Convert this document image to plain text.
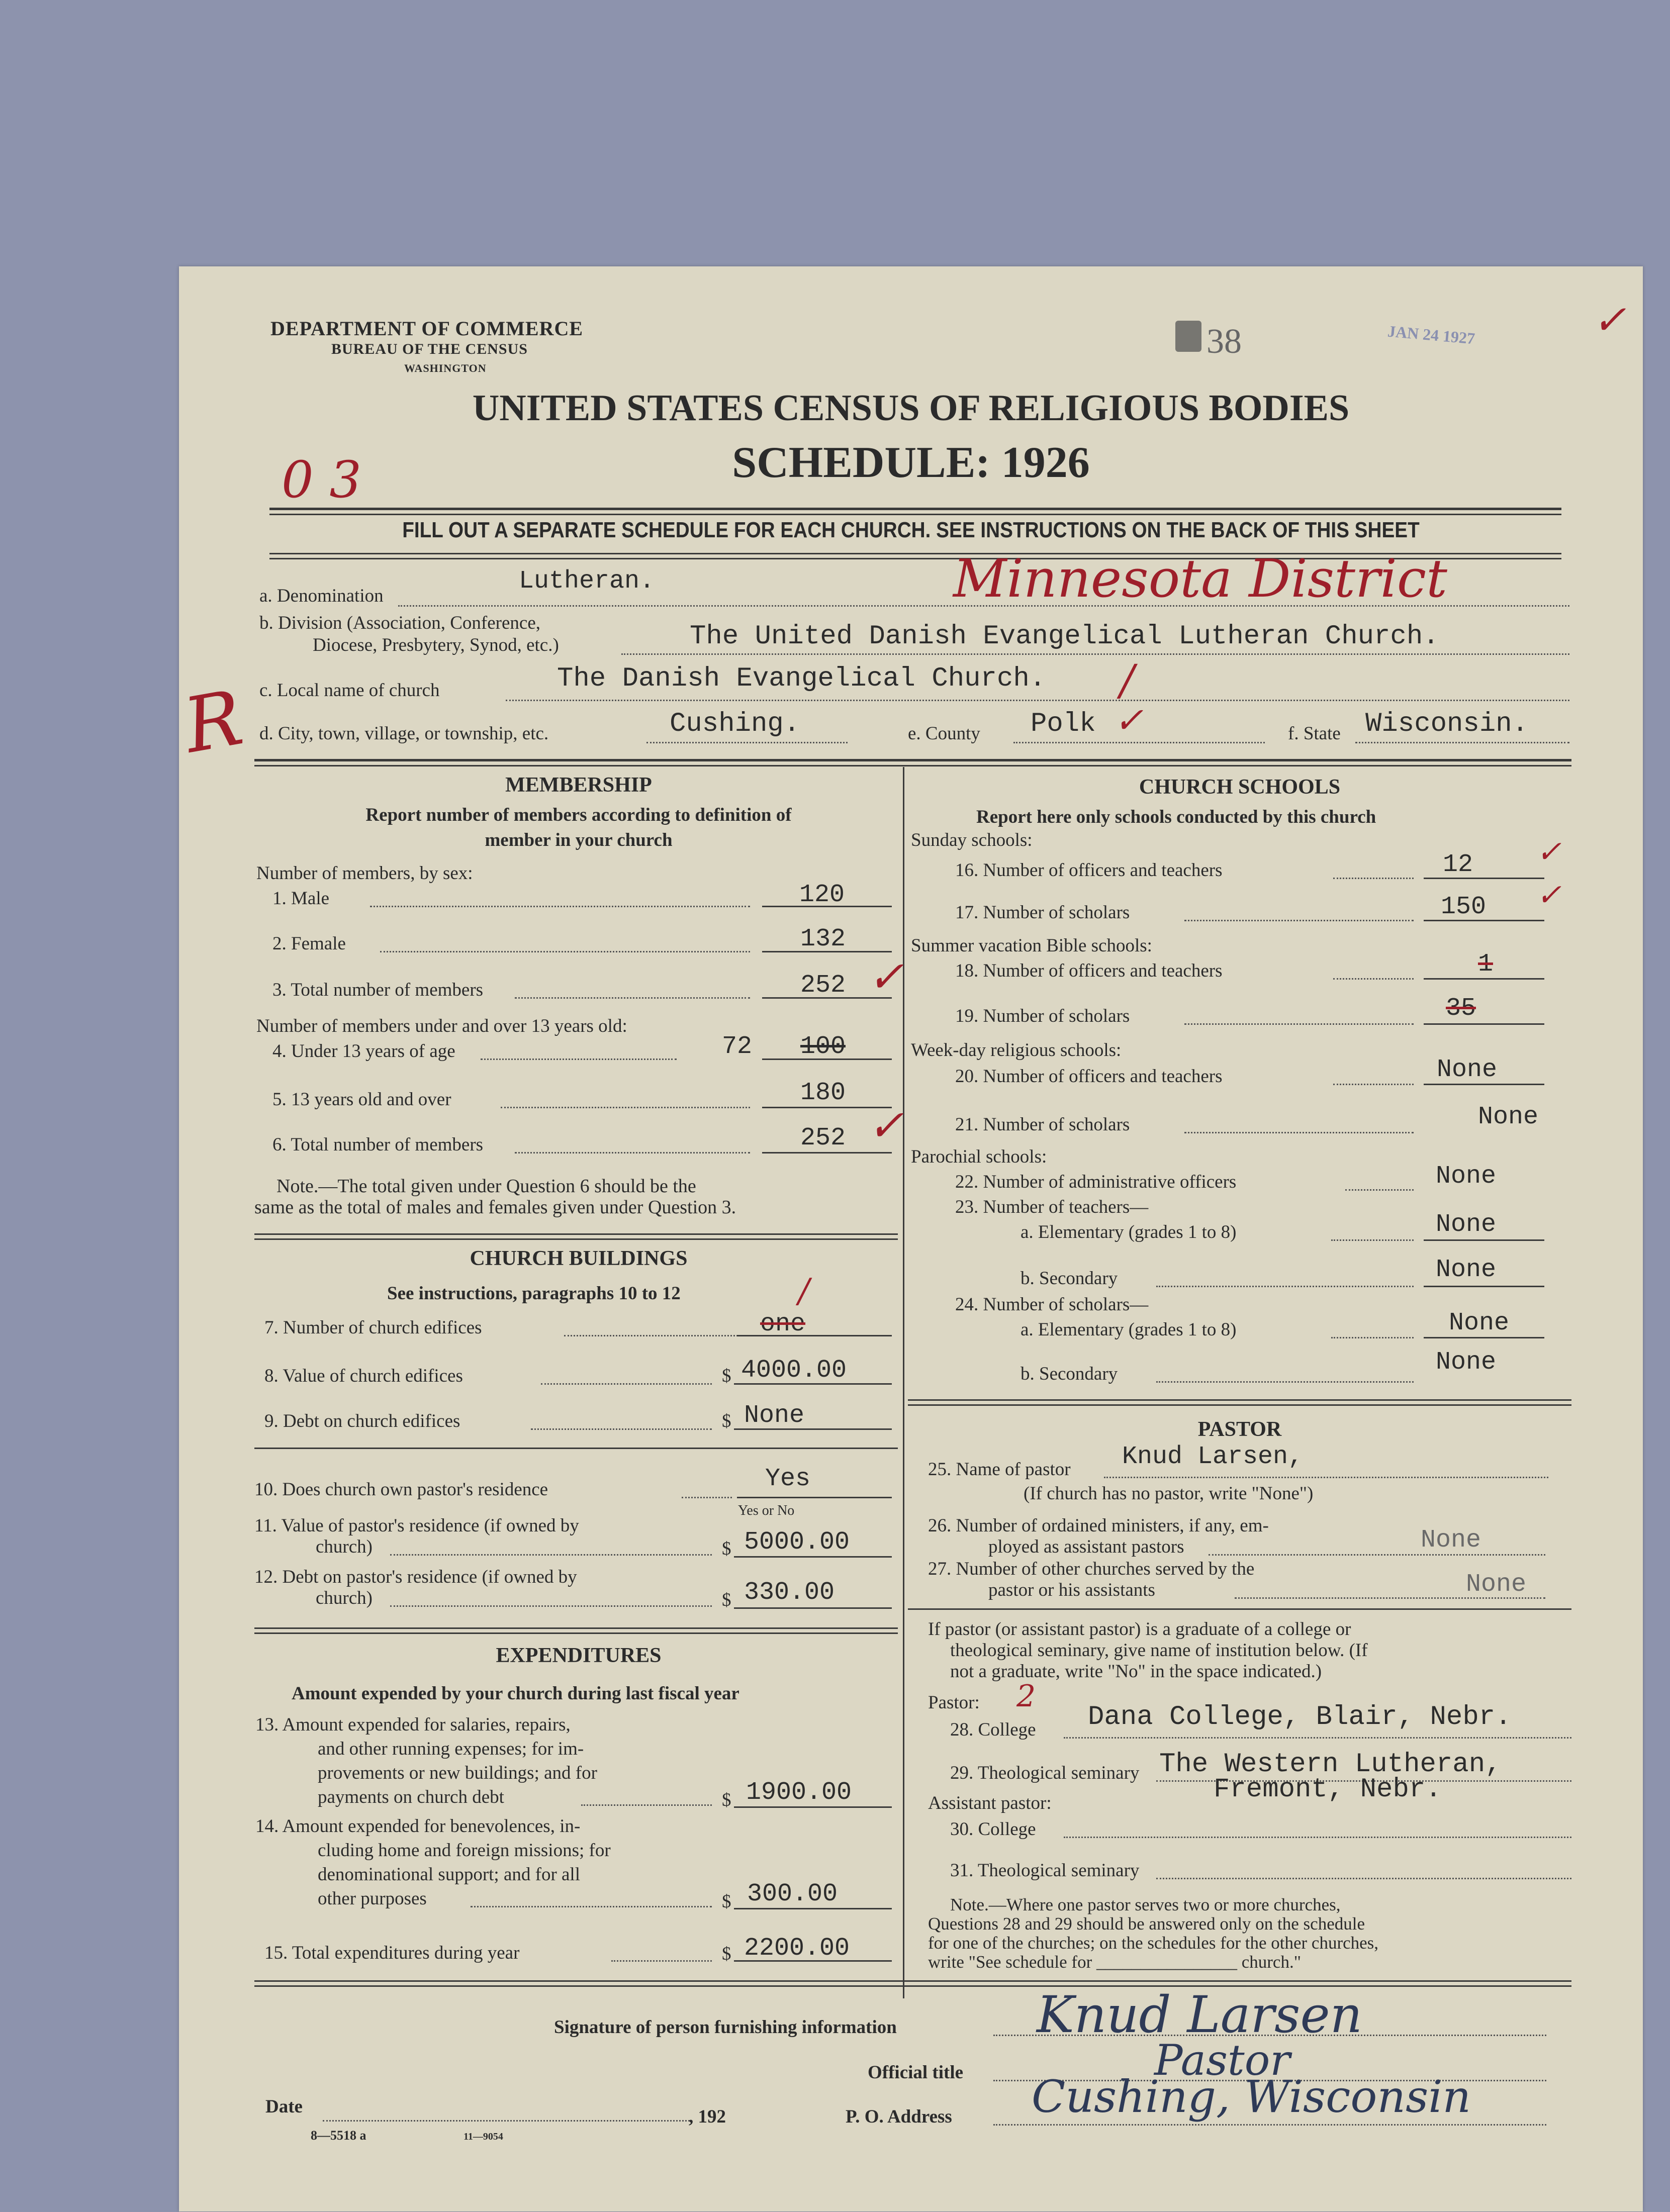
DEPARTMENT OF COMMERCE
BUREAU OF THE CENSUS
WASHINGTON
38	JAN 24 1927	✓
UNITED STATES CENSUS OF RELIGIOUS BODIES
SCHEDULE: 1926
0 3
FILL OUT A SEPARATE SCHEDULE FOR EACH CHURCH. SEE INSTRUCTIONS ON THE BACK OF THIS SHEET
a. Denomination
Lutheran.	Minnesota District
b. Division (Association, Conference,
Diocese, Presbytery, Synod, etc.)	The United Danish Evangelical Lutheran Church.
c. Local name of church	The Danish Evangelical Church. /
R d. City, town, village, or township, etc.	Cushing.	e. County Polk ✓	f. State Wisconsin.
MEMBERSHIP
Report number of members according to definition of
member in your church
Number of members, by sex:
1. Male	120
2. Female	132
3. Total number of members	252 ✓
Number of members under and over 13 years old:
4. Under 13 years of age	72 100
5. 13 years old and over	180
6. Total number of members	252 ✓
Note.—The total given under Question 6 should be the
same as the total of males and females given under Question 3.
CHURCH BUILDINGS
See instructions, paragraphs 10 to 12	/
7. Number of church edifices	one
8. Value of church edifices	$ 4000.00
9. Debt on church edifices	$ None
10. Does church own pastor's residence	Yes
Yes or No
11. Value of pastor's residence (if owned by
church)	$ 5000.00
12. Debt on pastor's residence (if owned by
church)	$ 330.00
EXPENDITURES
Amount expended by your church during last fiscal year
13. Amount expended for salaries, repairs,
and other running expenses; for im-
provements or new buildings; and for
payments on church debt	$ 1900.00
14. Amount expended for benevolences, in-
cluding home and foreign missions; for
denominational support; and for all
other purposes	$ 300.00
15. Total expenditures during year	$ 2200.00
CHURCH SCHOOLS
Report here only schools conducted by this church
Sunday schools:
16. Number of officers and teachers	12 ✓
17. Number of scholars	150 ✓
Summer vacation Bible schools:
18. Number of officers and teachers	1
19. Number of scholars	35
Week-day religious schools:
20. Number of officers and teachers	None
21. Number of scholars	None
Parochial schools:
22. Number of administrative officers	None
23. Number of teachers—
a. Elementary (grades 1 to 8)	None
b. Secondary	None
24. Number of scholars—
a. Elementary (grades 1 to 8)	None
b. Secondary	None
PASTOR
25. Name of pastor Knud Larsen,
(If church has no pastor, write "None")
26. Number of ordained ministers, if any, em-
ployed as assistant pastors	None
27. Number of other churches served by the
pastor or his assistants	None
If pastor (or assistant pastor) is a graduate of a college or
theological seminary, give name of institution below. (If
not a graduate, write "No" in the space indicated.)
Pastor: 2
28. College Dana College, Blair, Nebr.
29. Theological seminary The Western Lutheran,
Fremont, Nebr.
Assistant pastor:
30. College
31. Theological seminary
Note.—Where one pastor serves two or more churches,
Questions 28 and 29 should be answered only on the schedule
for one of the churches; on the schedules for the other churches,
write "See schedule for ________________ church."
Signature of person furnishing information	Knud Larsen
Official title	Pastor
Date	, 192	P. O. Address Cushing, Wisconsin
8—5518 a	11—9054
